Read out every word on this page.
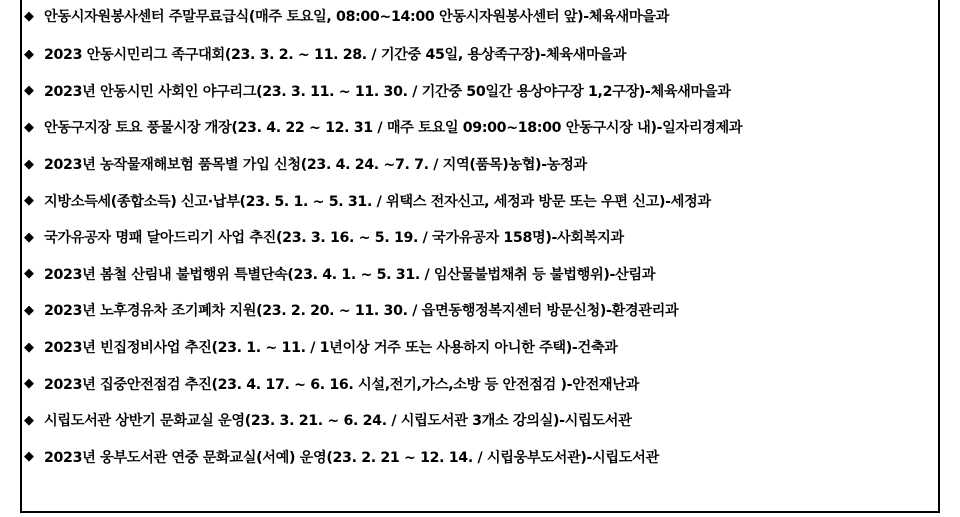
◆ 안동시자원봉사센터 주말무료급식(매주 토요일, 08:00~14:00 안동시자원봉사센터 앞)-체육새마을과
◆ 2023 안동시민리그 족구대회(23. 3. 2. ~ 11. 28. / 기간중 45일, 용상족구장)-체육새마을과
◆ 2023년 안동시민 사회인 야구리그(23. 3. 11. ~ 11. 30. / 기간중 50일간 용상야구장 1,2구장)-체육새마을과
◆ 안동구지장 토요 풍물시장 개장(23. 4. 22 ~ 12. 31 / 매주 토요일 09:00~18:00 안동구시장 내)-일자리경제과
◆ 2023년 농작물재해보험 품목별 가입 신청(23. 4. 24. ~7. 7. / 지역(품목)농협)-농정과
◆ 지방소득세(종합소득) 신고·납부(23. 5. 1. ~ 5. 31. / 위택스 전자신고, 세정과 방문 또는 우편 신고)-세정과
◆ 국가유공자 명패 달아드리기 사업 추진(23. 3. 16. ~ 5. 19. / 국가유공자 158명)-사회복지과
◆ 2023년 봄철 산림내 불법행위 특별단속(23. 4. 1. ~ 5. 31. / 임산물불법채취 등 불법행위)-산림과
◆ 2023년 노후경유차 조기폐차 지원(23. 2. 20. ~ 11. 30. / 읍면동행정복지센터 방문신청)-환경관리과
◆ 2023년 빈집정비사업 추진(23. 1. ~ 11. / 1년이상 거주 또는 사용하지 아니한 주택)-건축과
◆ 2023년 집중안전점검 추진(23. 4. 17. ~ 6. 16. 시설,전기,가스,소방 등 안전점검 )-안전재난과
◆ 시립도서관 상반기 문화교실 운영(23. 3. 21. ~ 6. 24. / 시립도서관 3개소 강의실)-시립도서관
◆ 2023년 웅부도서관 연중 문화교실(서예) 운영(23. 2. 21 ~ 12. 14. / 시립웅부도서관)-시립도서관
